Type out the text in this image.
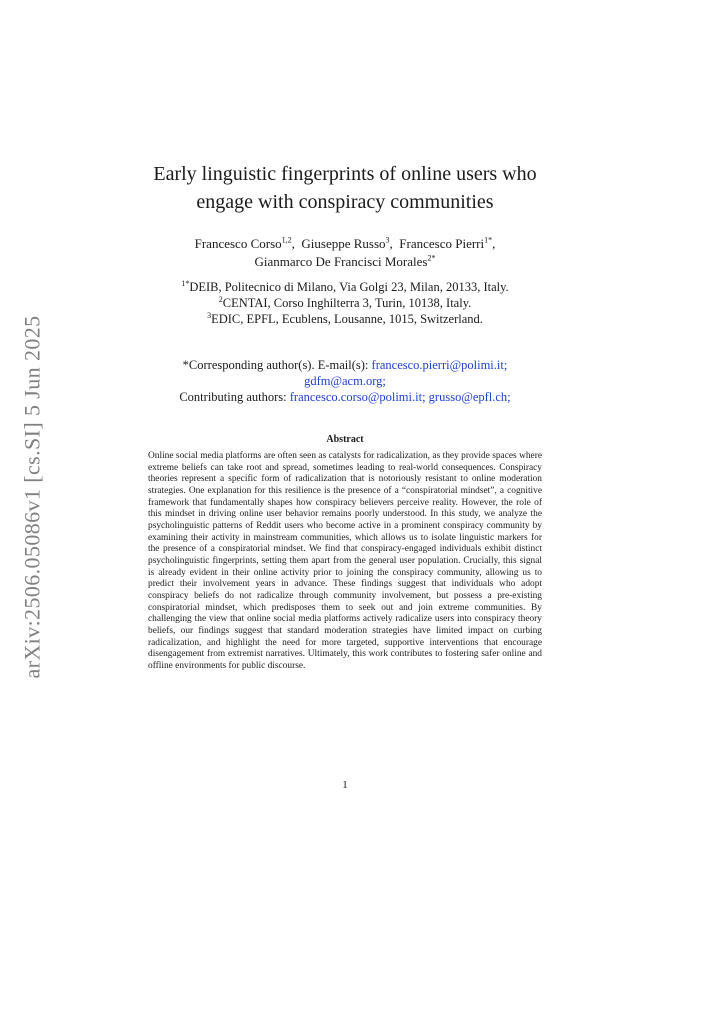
arXiv:2506.05086v1 [cs.SI] 5 Jun 2025
Early linguistic fingerprints of online users who engage with conspiracy communities
Francesco Corso$^{1,2}$,  Giuseppe Russo$^3$,  Francesco Pierri$^{1*}$,
Gianmarco De Francisci Morales$^{2*}$
$^{1*}$DEIB, Politecnico di Milano, Via Golgi 23, Milan, 20133, Italy.
$^2$CENTAI, Corso Inghilterra 3, Turin, 10138, Italy.
$^3$EDIC, EPFL, Ecublens, Lousanne, 1015, Switzerland.
*Corresponding author(s). E-mail(s): francesco.pierri@polimi.it;
gdfm@acm.org;
Contributing authors: francesco.corso@polimi.it; grusso@epfl.ch;
Abstract

Online social media platforms are often seen as catalysts for radicalization, as they provide spaces where extreme beliefs can take root and spread, sometimes leading to real-world consequences. Conspiracy theories represent a specific form of radicalization that is notoriously resistant to online moderation strategies. One explanation for this resilience is the presence of a “conspiratorial mindset”, a cognitive framework that fundamentally shapes how conspiracy believers perceive reality. However, the role of this mindset in driving online user behavior remains poorly understood. In this study, we analyze the psycholinguistic patterns of Reddit users who become active in a prominent conspiracy community by examining their activity in mainstream communities, which allows us to isolate linguistic markers for the presence of a conspiratorial mindset. We find that conspiracy-engaged individuals exhibit distinct psycholinguistic fingerprints, setting them apart from the general user population. Crucially, this signal is already evident in their online activity prior to joining the conspiracy community, allowing us to predict their involvement years in advance. These findings suggest that individuals who adopt conspiracy beliefs do not radicalize through community involvement, but possess a pre-existing conspiratorial mindset, which predisposes them to seek out and join extreme communities. By challenging the view that online social media platforms actively radicalize users into conspiracy theory beliefs, our findings suggest that standard moderation strategies have limited impact on curbing radicalization, and highlight the need for more targeted, supportive interventions that encourage disengagement from extremist narratives. Ultimately, this work contributes to fostering safer online and offline environments for public discourse.

1
